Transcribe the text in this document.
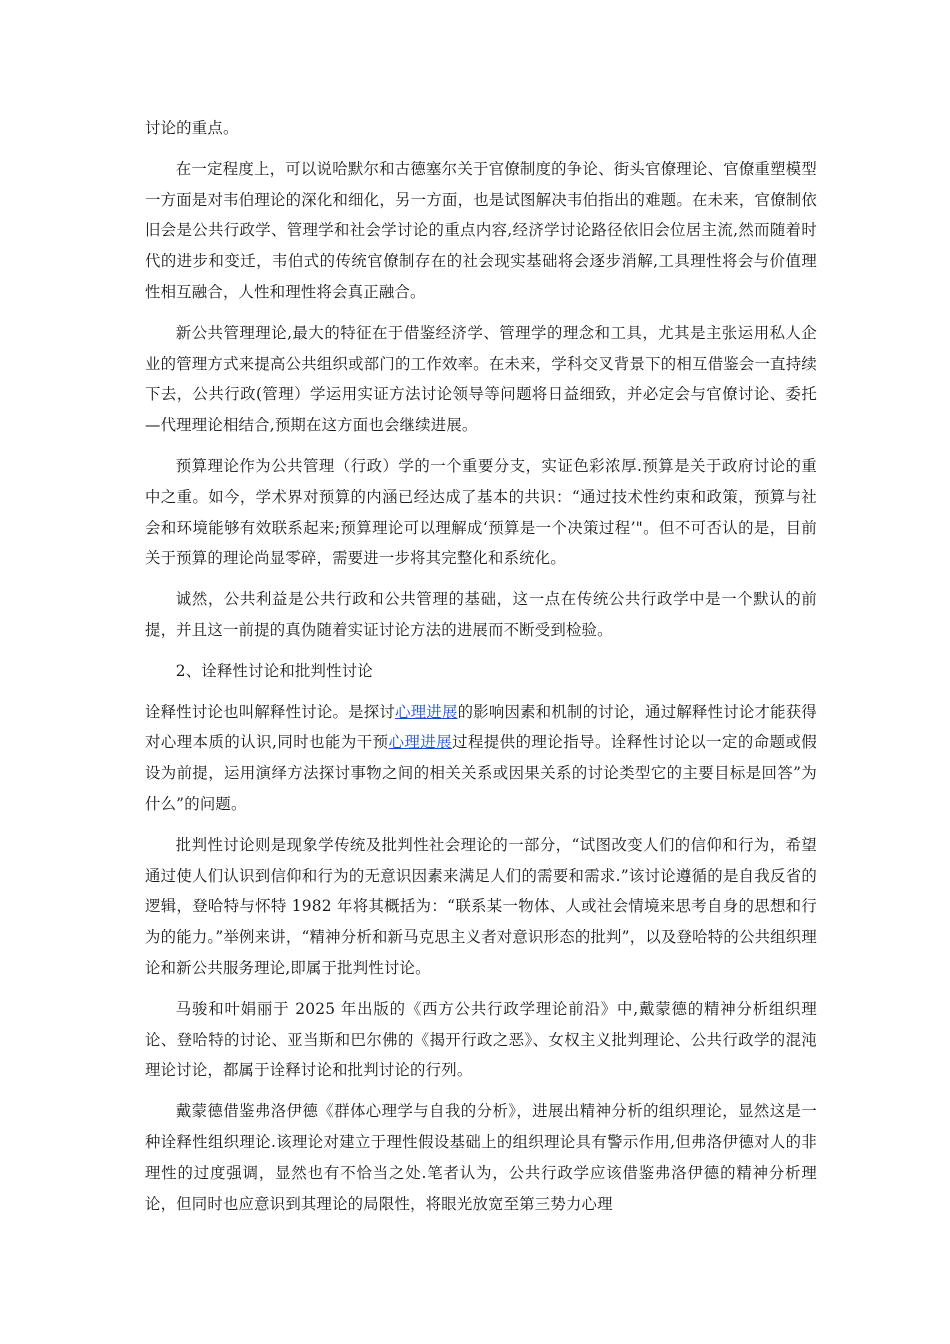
讨论的重点。

在一定程度上，可以说哈默尔和古德塞尔关于官僚制度的争论、街头官僚理论、官僚重塑模型一方面是对韦伯理论的深化和细化，另一方面，也是试图解决韦伯指出的难题。在未来，官僚制依旧会是公共行政学、管理学和社会学讨论的重点内容,经济学讨论路径依旧会位居主流,然而随着时代的进步和变迁，韦伯式的传统官僚制存在的社会现实基础将会逐步消解,工具理性将会与价值理性相互融合，人性和理性将会真正融合。

新公共管理理论,最大的特征在于借鉴经济学、管理学的理念和工具，尤其是主张运用私人企业的管理方式来提高公共组织或部门的工作效率。在未来，学科交叉背景下的相互借鉴会一直持续下去，公共行政(管理）学运用实证方法讨论领导等问题将日益细致，并必定会与官僚讨论、委托—代理理论相结合,预期在这方面也会继续进展。

预算理论作为公共管理（行政）学的一个重要分支，实证色彩浓厚.预算是关于政府讨论的重中之重。如今，学术界对预算的内涵已经达成了基本的共识：“通过技术性约束和政策，预算与社会和环境能够有效联系起来;预算理论可以理解成‘预算是一个决策过程’"。但不可否认的是，目前关于预算的理论尚显零碎，需要进一步将其完整化和系统化。

诚然，公共利益是公共行政和公共管理的基础，这一点在传统公共行政学中是一个默认的前提，并且这一前提的真伪随着实证讨论方法的进展而不断受到检验。

2、诠释性讨论和批判性讨论

诠释性讨论也叫解释性讨论。是探讨心理进展的影响因素和机制的讨论，通过解释性讨论才能获得对心理本质的认识,同时也能为干预心理进展过程提供的理论指导。诠释性讨论以一定的命题或假设为前提，运用演绎方法探讨事物之间的相关关系或因果关系的讨论类型它的主要目标是回答”为什么”的问题。

批判性讨论则是现象学传统及批判性社会理论的一部分，“试图改变人们的信仰和行为，希望通过使人们认识到信仰和行为的无意识因素来满足人们的需要和需求.”该讨论遵循的是自我反省的逻辑，登哈特与怀特 1982 年将其概括为：“联系某一物体、人或社会情境来思考自身的思想和行为的能力。”举例来讲，“精神分析和新马克思主义者对意识形态的批判”，以及登哈特的公共组织理论和新公共服务理论,即属于批判性讨论。

马骏和叶娟丽于 2025 年出版的《西方公共行政学理论前沿》中,戴蒙德的精神分析组织理论、登哈特的讨论、亚当斯和巴尔佛的《揭开行政之恶》、女权主义批判理论、公共行政学的混沌理论讨论，都属于诠释讨论和批判讨论的行列。

戴蒙德借鉴弗洛伊德《群体心理学与自我的分析》，进展出精神分析的组织理论，显然这是一种诠释性组织理论.该理论对建立于理性假设基础上的组织理论具有警示作用,但弗洛伊德对人的非理性的过度强调，显然也有不恰当之处.笔者认为，公共行政学应该借鉴弗洛伊德的精神分析理论，但同时也应意识到其理论的局限性，将眼光放宽至第三势力心理
